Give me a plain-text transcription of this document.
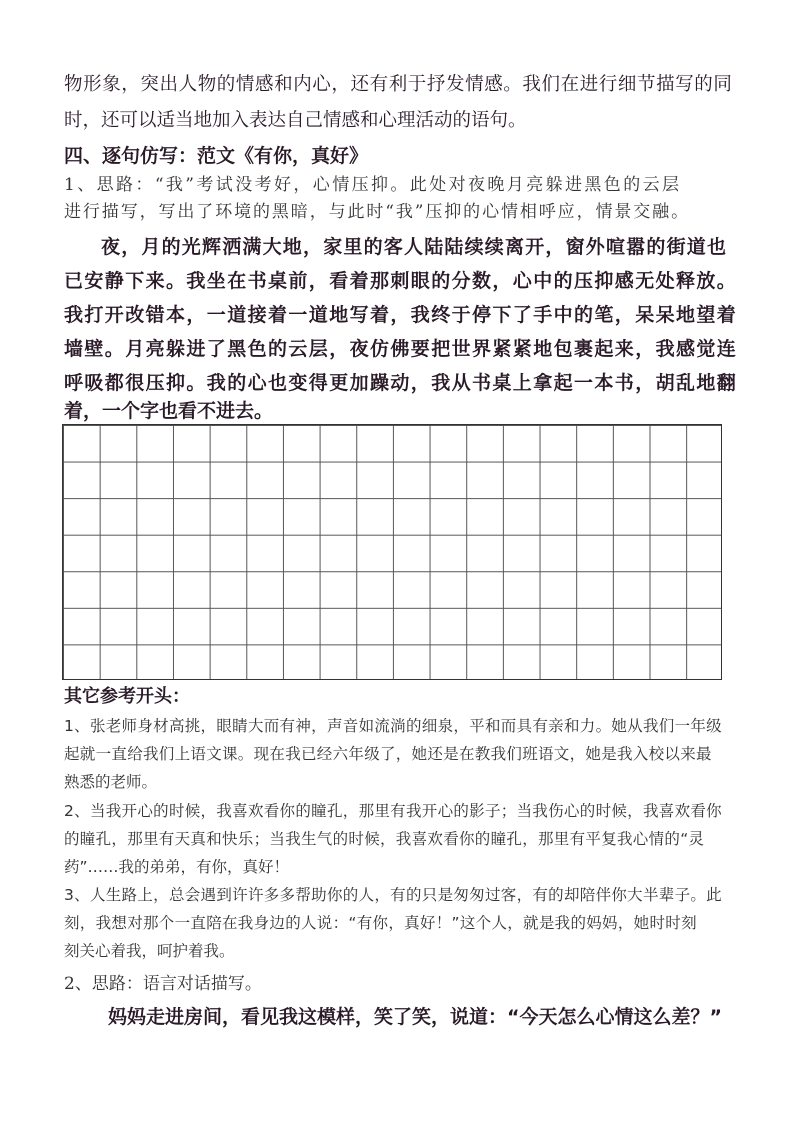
物形象，突出人物的情感和内心，还有利于抒发情感。我们在进行细节描写的同
时，还可以适当地加入表达自己情感和心理活动的语句。
四、逐句仿写：范文《有你，真好》
1、思路：“我”考试没考好，心情压抑。此处对夜晚月亮躲进黑色的云层
进行描写，写出了环境的黑暗，与此时“我”压抑的心情相呼应，情景交融。
夜，月的光辉洒满大地，家里的客人陆陆续续离开，窗外喧嚣的街道也
已安静下来。我坐在书桌前，看着那刺眼的分数，心中的压抑感无处释放。
我打开改错本，一道接着一道地写着，我终于停下了手中的笔，呆呆地望着
墙壁。月亮躲进了黑色的云层，夜仿佛要把世界紧紧地包裹起来，我感觉连
呼吸都很压抑。我的心也变得更加躁动，我从书桌上拿起一本书，胡乱地翻
着，一个字也看不进去。
其它参考开头：
1、张老师身材高挑，眼睛大而有神，声音如流淌的细泉，平和而具有亲和力。她从我们一年级
起就一直给我们上语文课。现在我已经六年级了，她还是在教我们班语文，她是我入校以来最
熟悉的老师。
2、当我开心的时候，我喜欢看你的瞳孔，那里有我开心的影子；当我伤心的时候，我喜欢看你
的瞳孔，那里有天真和快乐；当我生气的时候，我喜欢看你的瞳孔，那里有平复我心情的“灵
药”……我的弟弟，有你，真好！
3、人生路上，总会遇到许许多多帮助你的人，有的只是匆匆过客，有的却陪伴你大半辈子。此
刻，我想对那个一直陪在我身边的人说：“有你，真好！”这个人，就是我的妈妈，她时时刻
刻关心着我，呵护着我。
2、思路：语言对话描写。
妈妈走进房间，看见我这模样，笑了笑，说道：“今天怎么心情这么差？”
